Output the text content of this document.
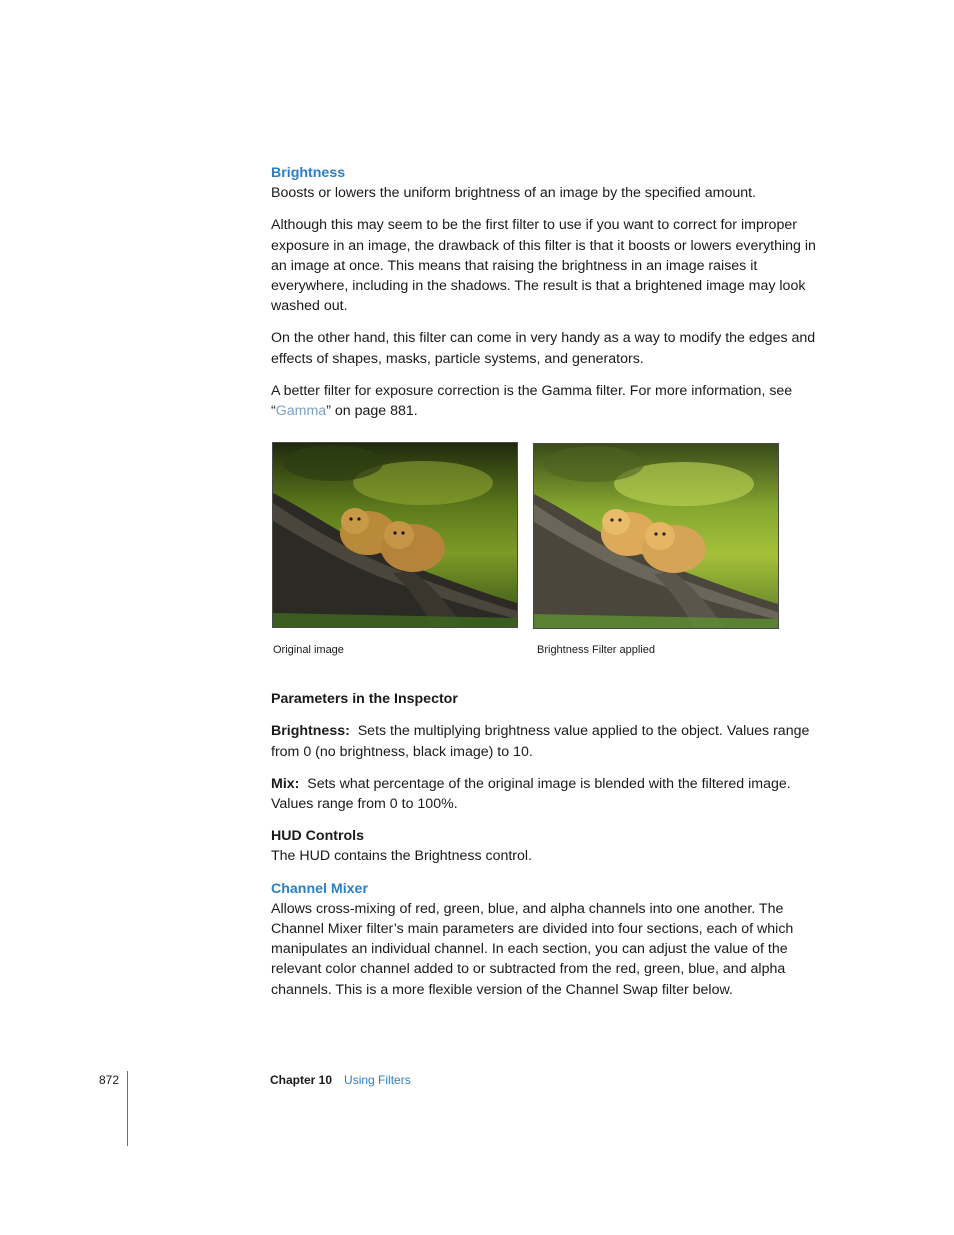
Brightness

Boosts or lowers the uniform brightness of an image by the specified amount.

Although this may seem to be the first filter to use if you want to correct for improper exposure in an image, the drawback of this filter is that it boosts or lowers everything in an image at once. This means that raising the brightness in an image raises it everywhere, including in the shadows. The result is that a brightened image may look washed out.

On the other hand, this filter can come in very handy as a way to modify the edges and effects of shapes, masks, particle systems, and generators.

A better filter for exposure correction is the Gamma filter. For more information, see “Gamma” on page 881.

Original image	Brightness Filter applied
Parameters in the Inspector

Brightness: Sets the multiplying brightness value applied to the object. Values range from 0 (no brightness, black image) to 10.

Mix: Sets what percentage of the original image is blended with the filtered image. Values range from 0 to 100%.

HUD Controls

The HUD contains the Brightness control.

Channel Mixer

Allows cross-mixing of red, green, blue, and alpha channels into one another. The Channel Mixer filter’s main parameters are divided into four sections, each of which manipulates an individual channel. In each section, you can adjust the value of the relevant color channel added to or subtracted from the red, green, blue, and alpha channels. This is a more flexible version of the Channel Swap filter below.

872	Chapter 10 Using Filters
